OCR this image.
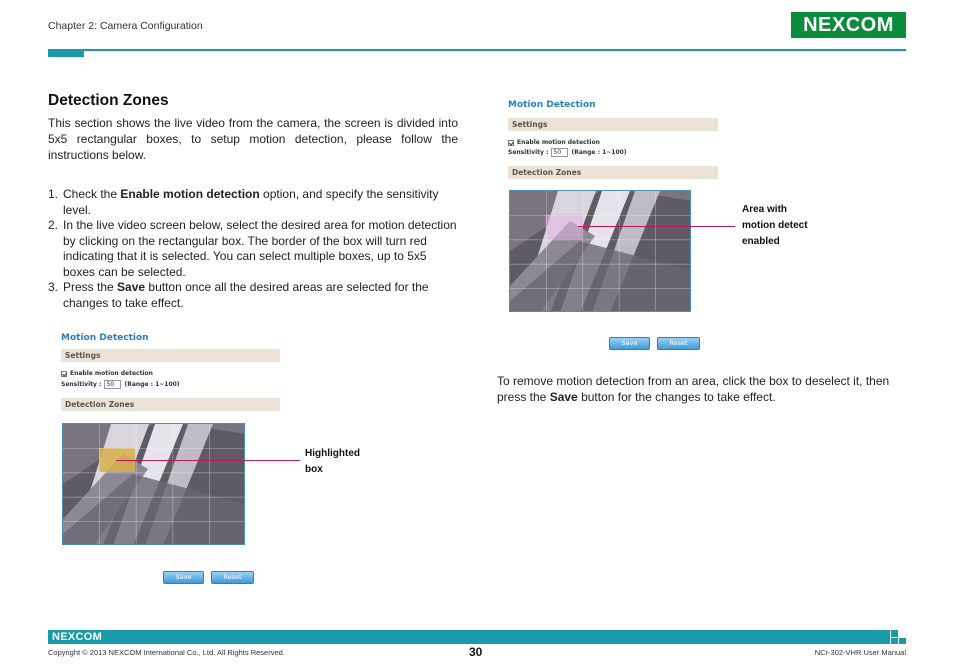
Chapter 2: Camera Configuration	NEXCOM
Detection Zones
This section shows the live video from the camera, the screen is divided into 5x5 rectangular boxes, to setup motion detection, please follow the instructions below.
1. Check the Enable motion detection option, and specify the sensitivity level.
2. In the live video screen below, select the desired area for motion detection by clicking on the rectangular box. The border of the box will turn red indicating that it is selected. You can select multiple boxes, up to 5x5 boxes can be selected.
3. Press the Save button once all the desired areas are selected for the changes to take effect.
Motion Detection
Settings
Enable motion detection
Sensitivity : 50	(Range : 1~100)
Detection Zones
Save	Reset
Highlighted
box
Motion Detection
Settings
Enable motion detection
Sensitivity : 50	(Range : 1~100)
Detection Zones
Save	Reset
Area with
motion detect
enabled
To remove motion detection from an area, click the box to deselect it, then press the Save button for the changes to take effect.
NEXCOM
Copyright © 2013 NEXCOM International Co., Ltd. All Rights Reserved.	30	NCr-302-VHR User Manual
